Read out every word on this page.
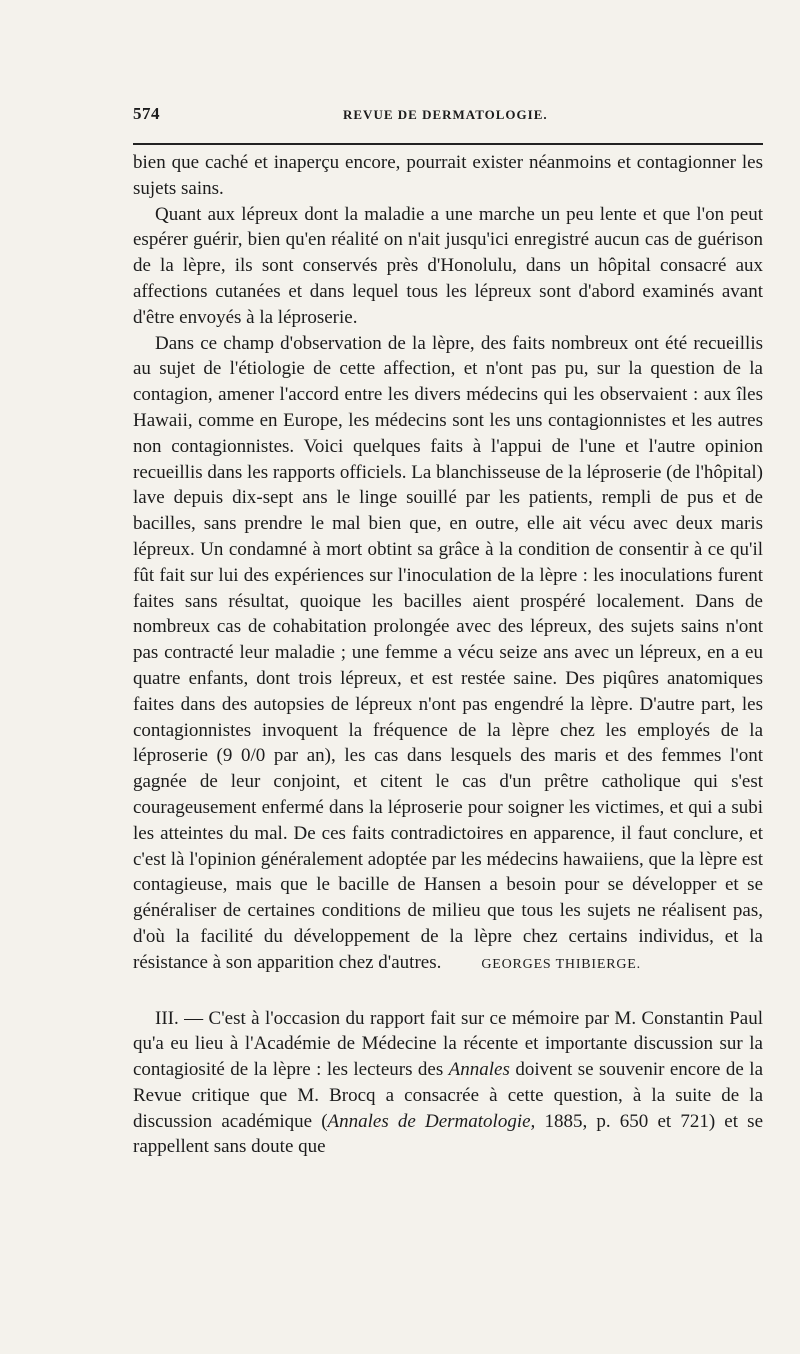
574	REVUE DE DERMATOLOGIE.

bien que caché et inaperçu encore, pourrait exister néanmoins et contagionner les sujets sains.

Quant aux lépreux dont la maladie a une marche un peu lente et que l'on peut espérer guérir, bien qu'en réalité on n'ait jusqu'ici enregistré aucun cas de guérison de la lèpre, ils sont conservés près d'Honolulu, dans un hôpital consacré aux affections cutanées et dans lequel tous les lépreux sont d'abord examinés avant d'être envoyés à la léproserie.

Dans ce champ d'observation de la lèpre, des faits nombreux ont été recueillis au sujet de l'étiologie de cette affection, et n'ont pas pu, sur la question de la contagion, amener l'accord entre les divers médecins qui les observaient : aux îles Hawaii, comme en Europe, les médecins sont les uns contagionnistes et les autres non contagionnistes. Voici quelques faits à l'appui de l'une et l'autre opinion recueillis dans les rapports officiels. La blanchisseuse de la léproserie (de l'hôpital) lave depuis dix-sept ans le linge souillé par les patients, rempli de pus et de bacilles, sans prendre le mal bien que, en outre, elle ait vécu avec deux maris lépreux. Un condamné à mort obtint sa grâce à la condition de consentir à ce qu'il fût fait sur lui des expériences sur l'inoculation de la lèpre : les inoculations furent faites sans résultat, quoique les bacilles aient prospéré localement. Dans de nombreux cas de cohabitation prolongée avec des lépreux, des sujets sains n'ont pas contracté leur maladie ; une femme a vécu seize ans avec un lépreux, en a eu quatre enfants, dont trois lépreux, et est restée saine. Des piqûres anatomiques faites dans des autopsies de lépreux n'ont pas engendré la lèpre. D'autre part, les contagionnistes invoquent la fréquence de la lèpre chez les employés de la léproserie (9 0/0 par an), les cas dans lesquels des maris et des femmes l'ont gagnée de leur conjoint, et citent le cas d'un prêtre catholique qui s'est courageusement enfermé dans la léproserie pour soigner les victimes, et qui a subi les atteintes du mal. De ces faits contradictoires en apparence, il faut conclure, et c'est là l'opinion généralement adoptée par les médecins hawaiiens, que la lèpre est contagieuse, mais que le bacille de Hansen a besoin pour se développer et se généraliser de certaines conditions de milieu que tous les sujets ne réalisent pas, d'où la facilité du développement de la lèpre chez certains individus, et la résistance à son apparition chez d'autres.	GEORGES THIBIERGE.

III. — C'est à l'occasion du rapport fait sur ce mémoire par M. Constantin Paul qu'a eu lieu à l'Académie de Médecine la récente et importante discussion sur la contagiosité de la lèpre : les lecteurs des Annales doivent se souvenir encore de la Revue critique que M. Brocq a consacrée à cette question, à la suite de la discussion académique (Annales de Dermatologie, 1885, p. 650 et 721) et se rappellent sans doute que
